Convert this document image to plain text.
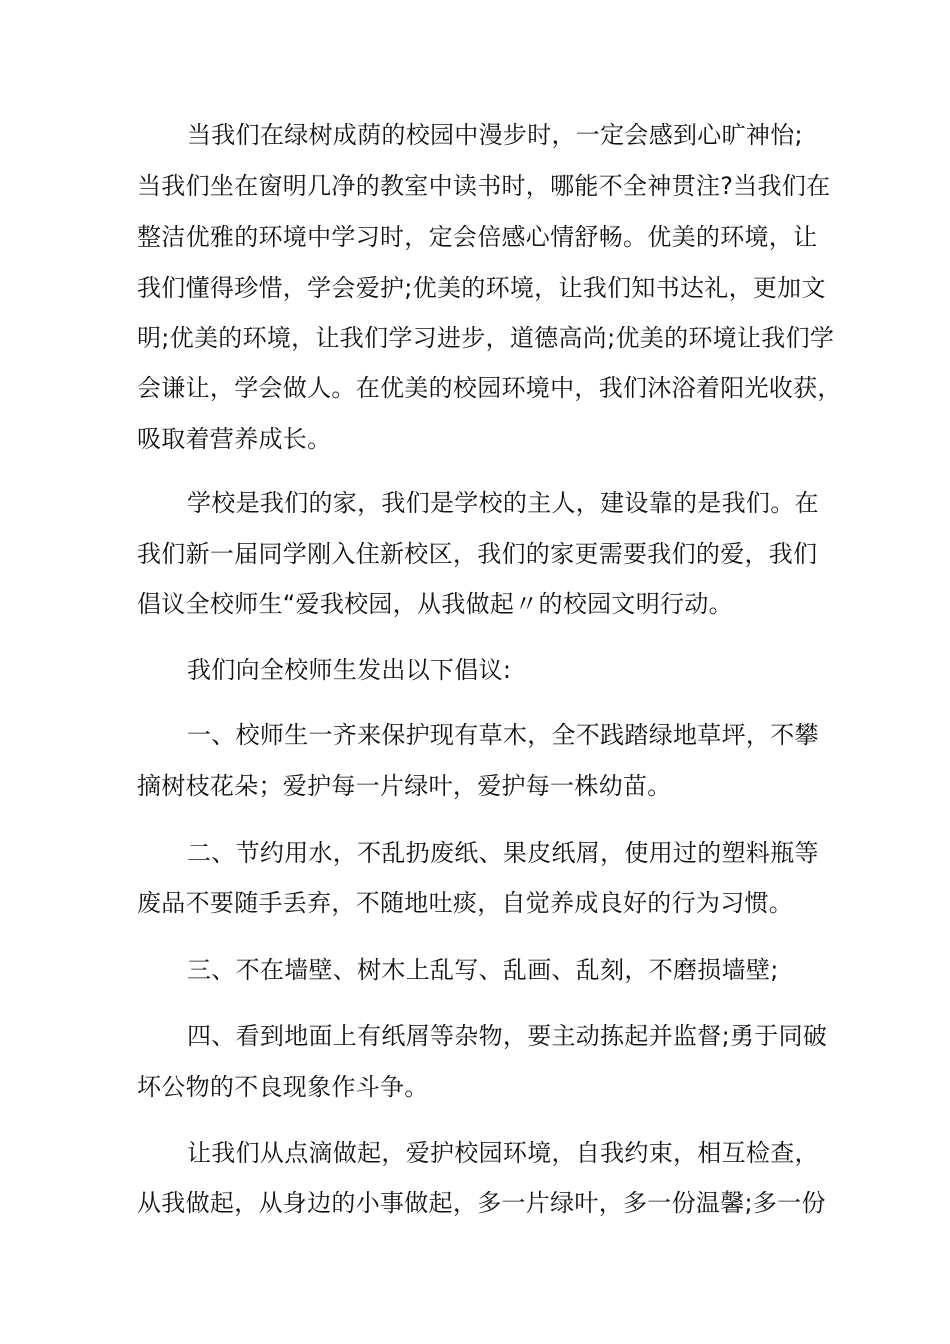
当我们在绿树成荫的校园中漫步时，一定会感到心旷神怡;
当我们坐在窗明几净的教室中读书时，哪能不全神贯注?当我们在
整洁优雅的环境中学习时，定会倍感心情舒畅。优美的环境，让
我们懂得珍惜，学会爱护;优美的环境，让我们知书达礼，更加文
明;优美的环境，让我们学习进步，道德高尚;优美的环境让我们学
会谦让，学会做人。在优美的校园环境中，我们沐浴着阳光收获，
吸取着营养成长。
学校是我们的家，我们是学校的主人，建设靠的是我们。在
我们新一届同学刚入住新校区，我们的家更需要我们的爱，我们
倡议全校师生“爱我校园，从我做起〃的校园文明行动。
我们向全校师生发出以下倡议:
一、校师生一齐来保护现有草木，全不践踏绿地草坪，不攀
摘树枝花朵；爱护每一片绿叶，爱护每一株幼苗。
二、节约用水，不乱扔废纸、果皮纸屑，使用过的塑料瓶等
废品不要随手丢弃，不随地吐痰，自觉养成良好的行为习惯。
三、不在墙壁、树木上乱写、乱画、乱刻，不磨损墙壁;
四、看到地面上有纸屑等杂物，要主动拣起并监督;勇于同破
坏公物的不良现象作斗争。
让我们从点滴做起，爱护校园环境，自我约束，相互检查，
从我做起，从身边的小事做起，多一片绿叶，多一份温馨;多一份
